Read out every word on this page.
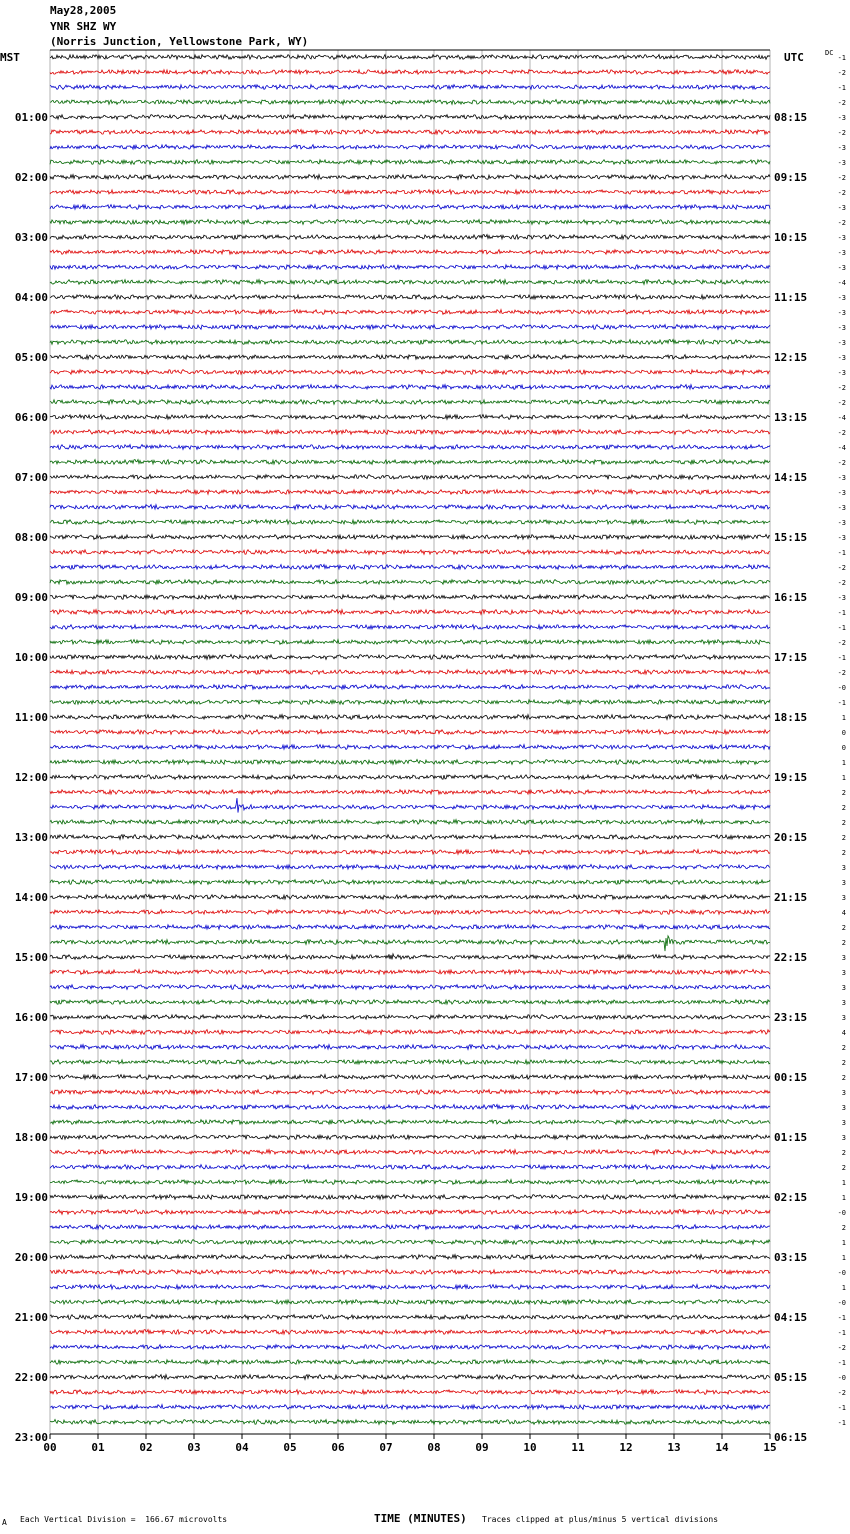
May28,2005
YNR SHZ WY
(Norris Junction, Yellowstone Park, WY)
MST	UTC	DC
-1
-2
-1
-2
-3
-2
-3
-3
-2
-2
-3
-2
-3
-3
-3
-4
-3
-3
-3
-3
-3
-3
-2
-2
-4
-2
-4
-2
-3
-3
-3
-3
-3
-1
-2
-2
-3
-1
-1
-2
-1
-2
-0
-1
1
0
0
1
1
2
2
2
2
2
3
3
3
4
2
2
3
3
3
3
3
4
2
2
2
3
3
3
3
2
2
1
1
-0
2
1
1
-0
1
-0
-1
-1
-2
-1
-0
-2
-1
-1
01:00
02:00
03:00
04:00
05:00
06:00
07:00
08:00
09:00
10:00
11:00
12:00
13:00
14:00
15:00
16:00
17:00
18:00
19:00
20:00
21:00
22:00
23:00
08:15
09:15
10:15
11:15
12:15
13:15
14:15
15:15
16:15
17:15
18:15
19:15
20:15
21:15
22:15
23:15
00:15
01:15
02:15
03:15
04:15
05:15
06:15
00	01	02	03	04	05	06	07	08	09	10	11	12	13	14	15
A Each Vertical Division =  166.67 microvolts	TIME (MINUTES) Traces clipped at plus/minus 5 vertical divisions
